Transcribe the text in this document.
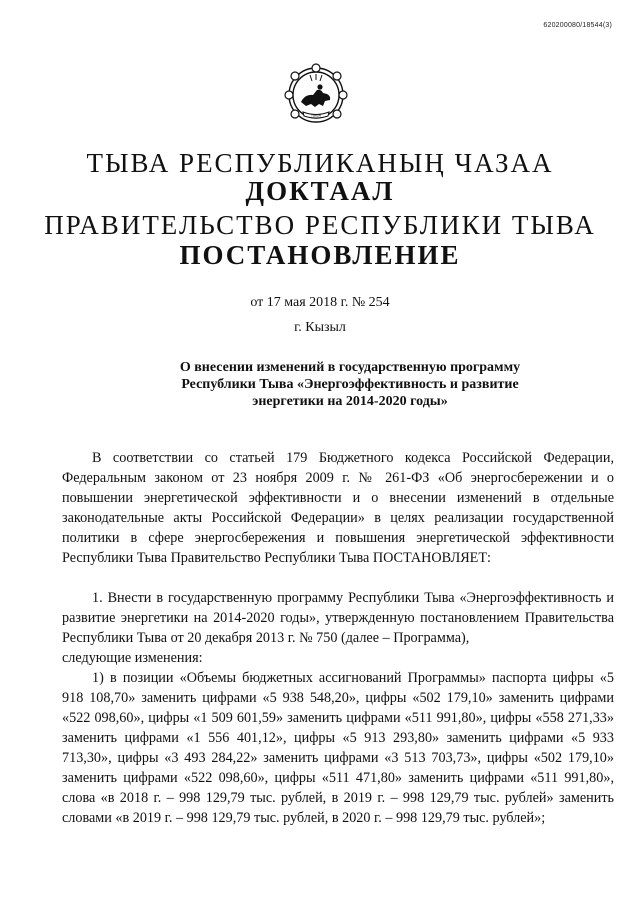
620200080/18544(3)
ТЫВА
ТЫВА РЕСПУБЛИКАНЫҢ ЧАЗАА
ДОКТААЛ
ПРАВИТЕЛЬСТВО РЕСПУБЛИКИ ТЫВА
ПОСТАНОВЛЕНИЕ
от 17 мая 2018 г. № 254
г. Кызыл
О внесении изменений в государственную программу Республики Тыва «Энергоэффективность и развитие энергетики на 2014-2020 годы»

В соответствии со статьей 179 Бюджетного кодекса Российской Федерации, Федеральным законом от 23 ноября 2009 г. № 261-ФЗ «Об энергосбережении и о повышении энергетической эффективности и о внесении изменений в отдельные законодательные акты Российской Федерации» в целях реализации государственной политики в сфере энергосбережения и повышения энергетической эффективности Республики Тыва Правительство Республики Тыва ПОСТАНОВЛЯЕТ:

1. Внести в государственную программу Республики Тыва «Энергоэффективность и развитие энергетики на 2014-2020 годы», утвержденную постановлением Правительства Республики Тыва от 20 декабря 2013 г. № 750 (далее – Программа),

следующие изменения:

1) в позиции «Объемы бюджетных ассигнований Программы» паспорта цифры «5 918 108,70» заменить цифрами «5 938 548,20», цифры «502 179,10» заменить цифрами «522 098,60», цифры «1 509 601,59» заменить цифрами «511 991,80», цифры «558 271,33» заменить цифрами «1 556 401,12», цифры «5 913 293,80» заменить цифрами «5 933 713,30», цифры «3 493 284,22» заменить цифрами «3 513 703,73», цифры «502 179,10» заменить цифрами «522 098,60», цифры «511 471,80» заменить цифрами «511 991,80», слова «в 2018 г. – 998 129,79 тыс. рублей, в 2019 г. – 998 129,79 тыс. рублей» заменить словами «в 2019 г. – 998 129,79 тыс. рублей, в 2020 г. – 998 129,79 тыс. рублей»;
